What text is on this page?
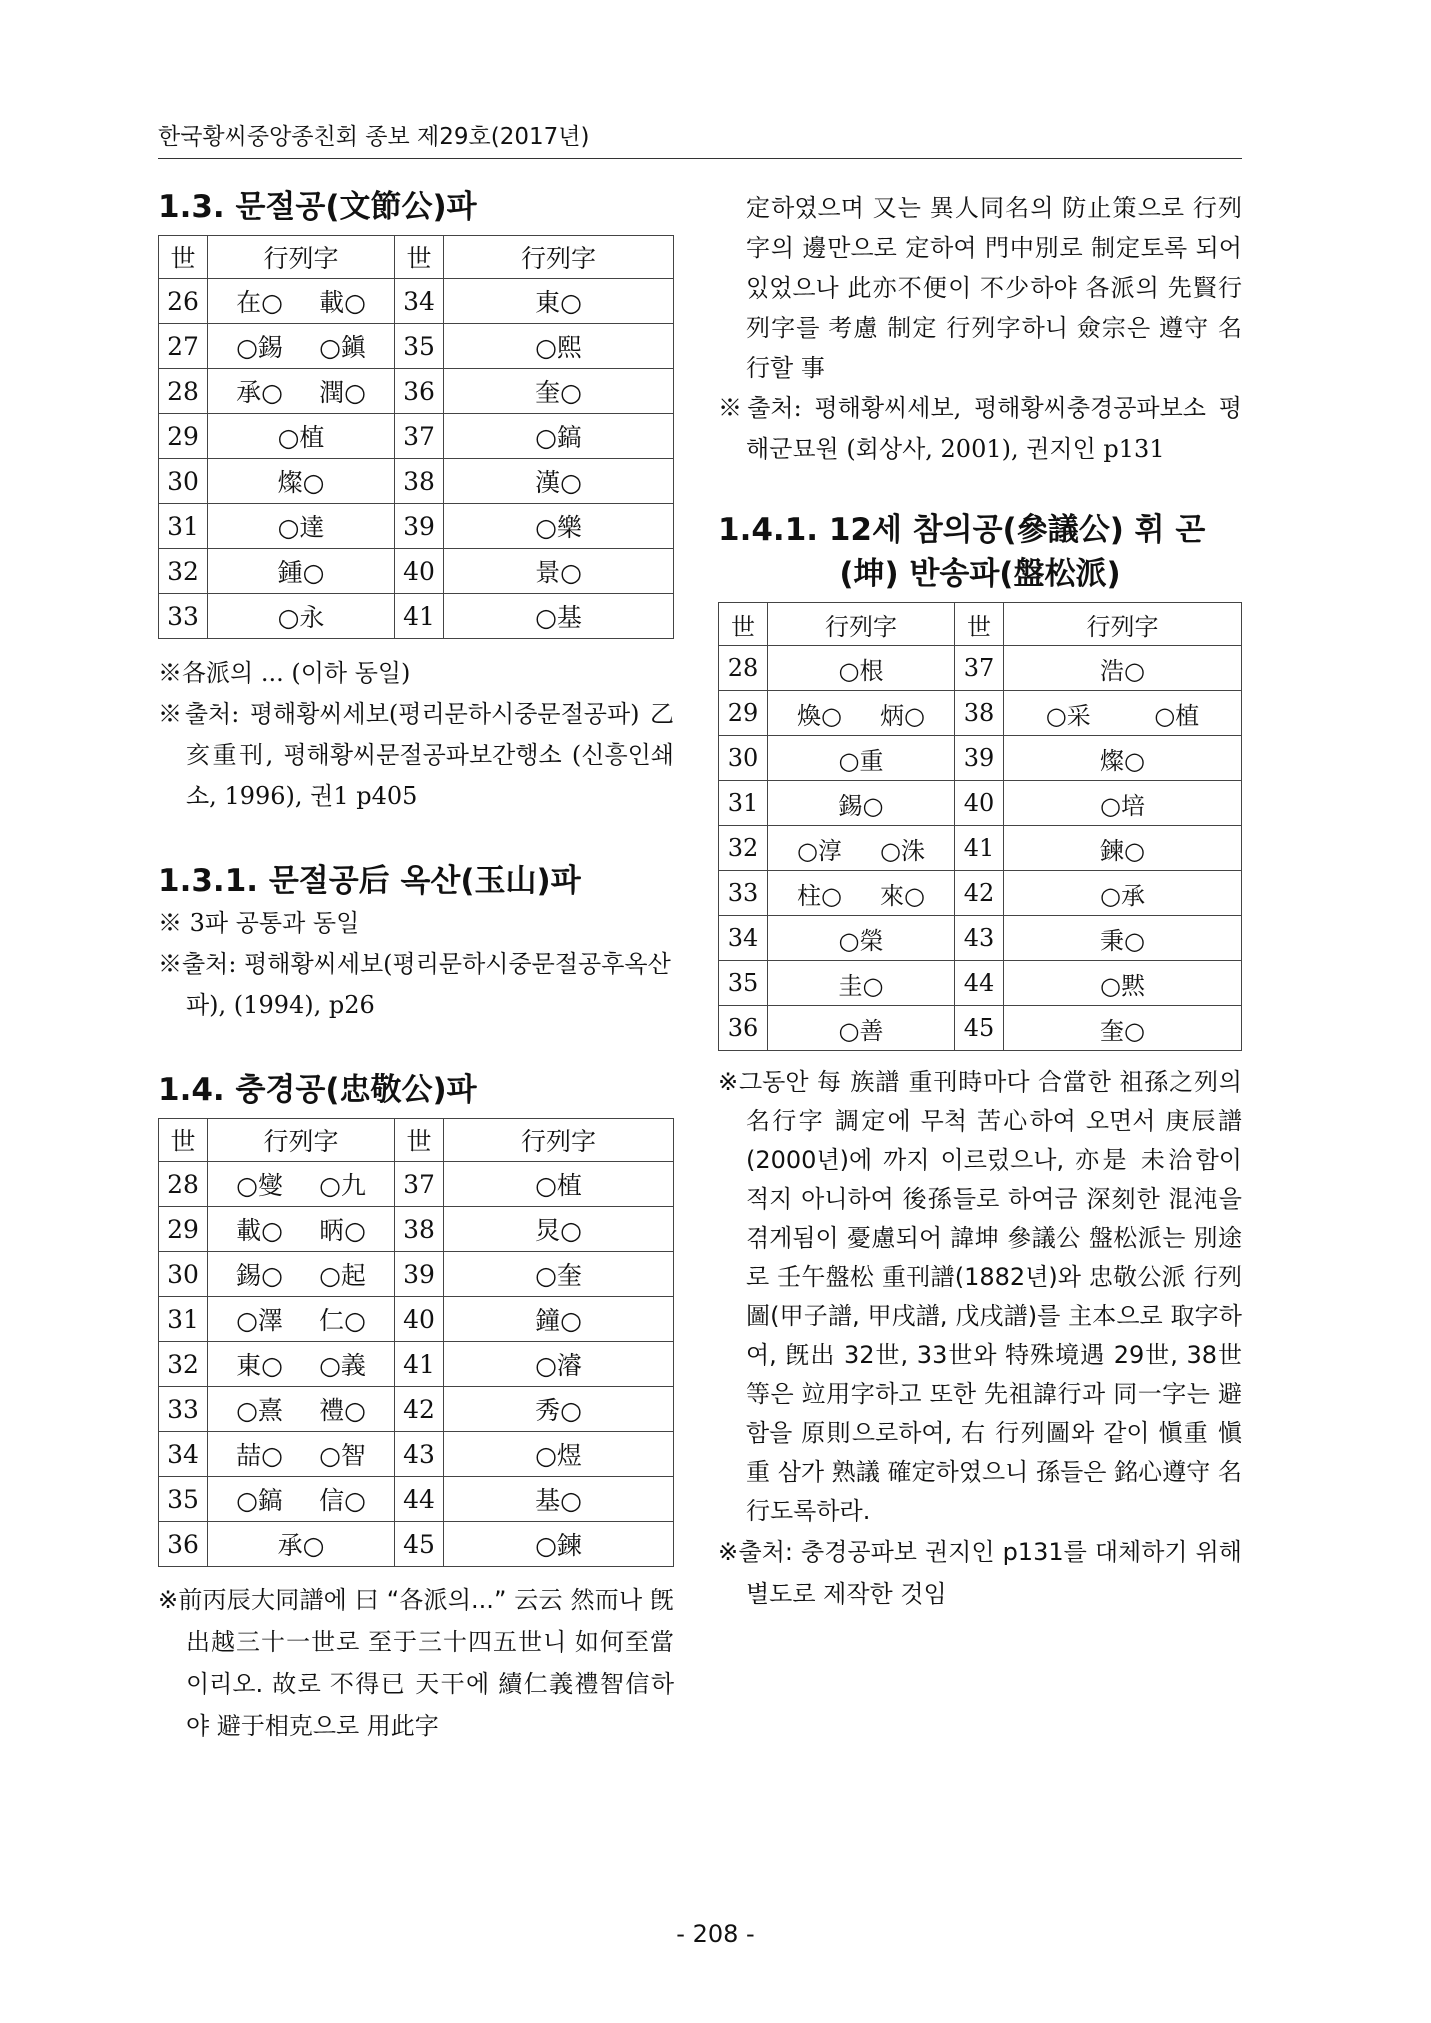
한국황씨중앙종친회 종보 제29호(2017년)
1.3. 문절공(文節公)파
世	行列字	世	行列字
26	在○ 載○	34	東○

27	○錫 ○鎭	35	○熙

28	承○ 潤○	36	奎○

29	○植	37	○鎬

30	燦○	38	漢○

31	○達	39	○樂

32	鍾○	40	景○

33	○永	41	○基

※各派의 ... (이하 동일)

※출처: 평해황씨세보(평리문하시중문절공파) 乙亥重刊, 평해황씨문절공파보간행소 (신흥인쇄소, 1996), 권1 p405

1.3.1. 문절공后 옥산(玉山)파

※ 3파 공통과 동일

※출처: 평해황씨세보(평리문하시중문절공후옥산파), (1994), p26

1.4. 충경공(忠敬公)파
世	行列字	世	行列字
28	○燮 ○九	37	○植

29	載○ 昞○	38	炅○

30	錫○ ○起	39	○奎

31	○澤 仁○	40	鐘○

32	東○ ○義	41	○濬

33	○熹 禮○	42	秀○

34	喆○ ○智	43	○煜

35	○鎬 信○	44	基○

36	承○	45	○鍊

※前丙辰大同譜에 曰 “各派의...” 云云 然而나 旣出越三十一世로 至于三十四五世니 如何至當이리오. 故로 不得已 天干에 續仁義禮智信하야 避于相克으로 用此字

定하였으며 又는 異人同名의 防止策으로 行列字의 邊만으로 定하여 門中別로 制定토록 되어 있었으나 此亦不便이 不少하야 各派의 先賢行列字를 考慮 制定 行列字하니 僉宗은 遵守 名行할 事

※출처: 평해황씨세보, 평해황씨충경공파보소 평해군묘원 (회상사, 2001), 권지인 p131

1.4.1. 12세 참의공(參議公) 휘 곤
(坤) 반송파(盤松派)
世	行列字	世	行列字
28	○根	37	浩○

29	煥○ 炳○	38	○采 ○植

30	○重	39	燦○

31	錫○	40	○培

32	○淳 ○洙	41	鍊○

33	柱○ 來○	42	○承

34	○榮	43	秉○

35	圭○	44	○黙

36	○善	45	奎○

※그동안 每 族譜 重刊時마다 合當한 祖孫之列의 名行字 調定에 무척 苦心하여 오면서 庚辰譜(2000년)에 까지 이르렀으나, 亦是 未洽함이 적지 아니하여 後孫들로 하여금 深刻한 混沌을 겪게됨이 憂慮되어 諱坤 參議公 盤松派는 別途로 壬午盤松 重刊譜(1882년)와 忠敬公派 行列圖(甲子譜, 甲戌譜, 戊戌譜)를 主本으로 取字하여, 旣出 32世, 33世와 特殊境遇 29世, 38世 等은 竝用字하고 또한 先祖諱行과 同一字는 避함을 原則으로하여, 右 行列圖와 같이 愼重 愼重 삼가 熟議 確定하였으니 孫들은 銘心遵守 名行도록하라.

※출처: 충경공파보 권지인 p131를 대체하기 위해 별도로 제작한 것임

- 208 -
